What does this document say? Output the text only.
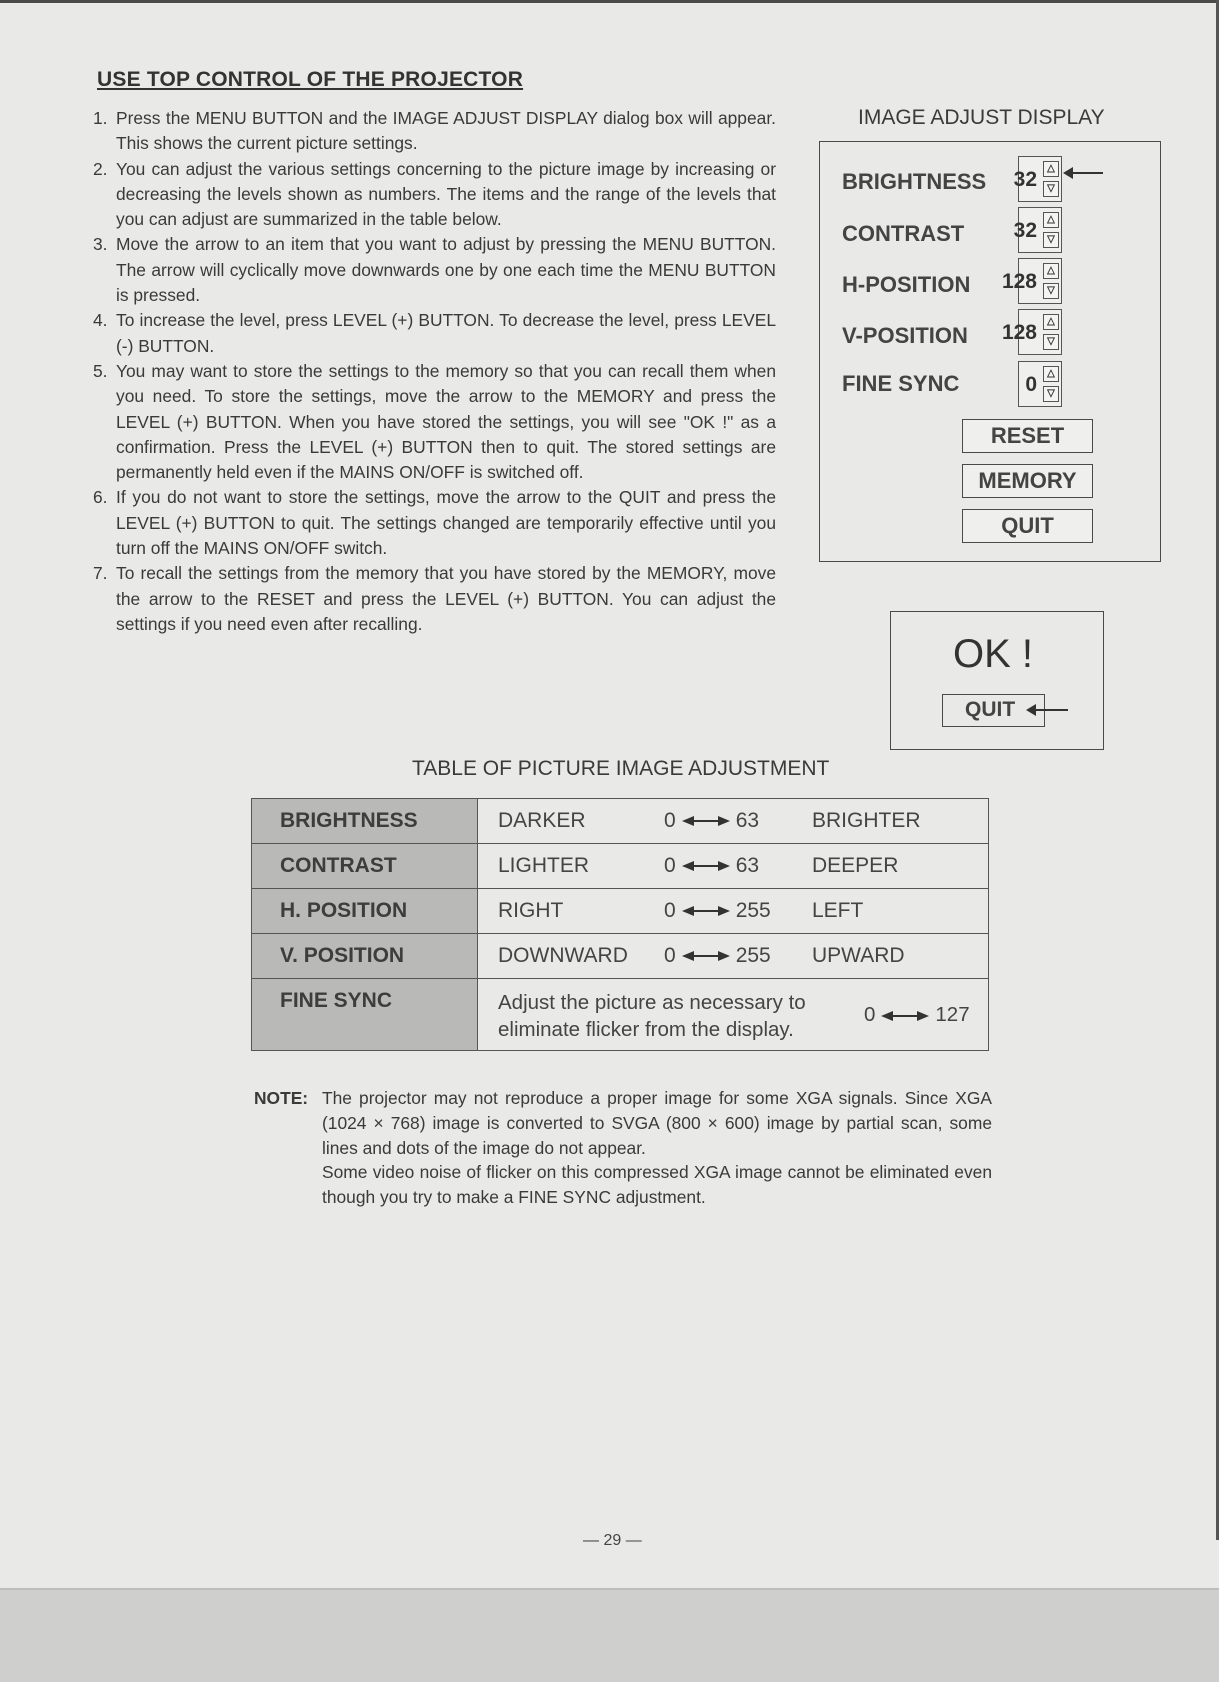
USE TOP CONTROL OF THE PROJECTOR
1. Press the MENU BUTTON and the IMAGE ADJUST DISPLAY dialog box will appear. This shows the current picture settings.
2. You can adjust the various settings concerning to the picture image by increasing or decreasing the levels shown as numbers. The items and the range of the levels that you can adjust are summarized in the table below.
3. Move the arrow to an item that you want to adjust by pressing the MENU BUTTON. The arrow will cyclically move downwards one by one each time the MENU BUTTON is pressed.
4. To increase the level, press LEVEL (+) BUTTON. To decrease the level, press LEVEL (-) BUTTON.
5. You may want to store the settings to the memory so that you can recall them when you need. To store the settings, move the arrow to the MEMORY and press the LEVEL (+) BUTTON. When you have stored the settings, you will see "OK !" as a confirmation. Press the LEVEL (+) BUTTON then to quit. The stored settings are permanently held even if the MAINS ON/OFF is switched off.
6. If you do not want to store the settings, move the arrow to the QUIT and press the LEVEL (+) BUTTON to quit. The settings changed are temporarily effective until you turn off the MAINS ON/OFF switch.
7. To recall the settings from the memory that you have stored by the MEMORY, move the arrow to the RESET and press the LEVEL (+) BUTTON. You can adjust the settings if you need even after recalling.
IMAGE ADJUST DISPLAY
BRIGHTNESS 32	△
▽
CONTRAST 32	△
▽
H-POSITION 128	△
▽
V-POSITION 128	△
▽
FINE SYNC	0	△
▽
RESET
MEMORY
QUIT
OK !
QUIT
TABLE OF PICTURE IMAGE ADJUSTMENT
BRIGHTNESS	DARKER 0 63 BRIGHTER

CONTRAST	LIGHTER 0 63 DEEPER

H. POSITION	RIGHT 0 255 LEFT

V. POSITION	DOWNWARD 0 255 UPWARD

FINE SYNC	Adjust the picture as necessary to
eliminate flicker from the display.
0 127
NOTE: The projector may not reproduce a proper image for some XGA signals. Since XGA (1024 × 768) image is converted to SVGA (800 × 600) image by partial scan, some lines and dots of the image do not appear.
Some video noise of flicker on this compressed XGA image cannot be eliminated even though you try to make a FINE SYNC adjustment.
— 29 —
